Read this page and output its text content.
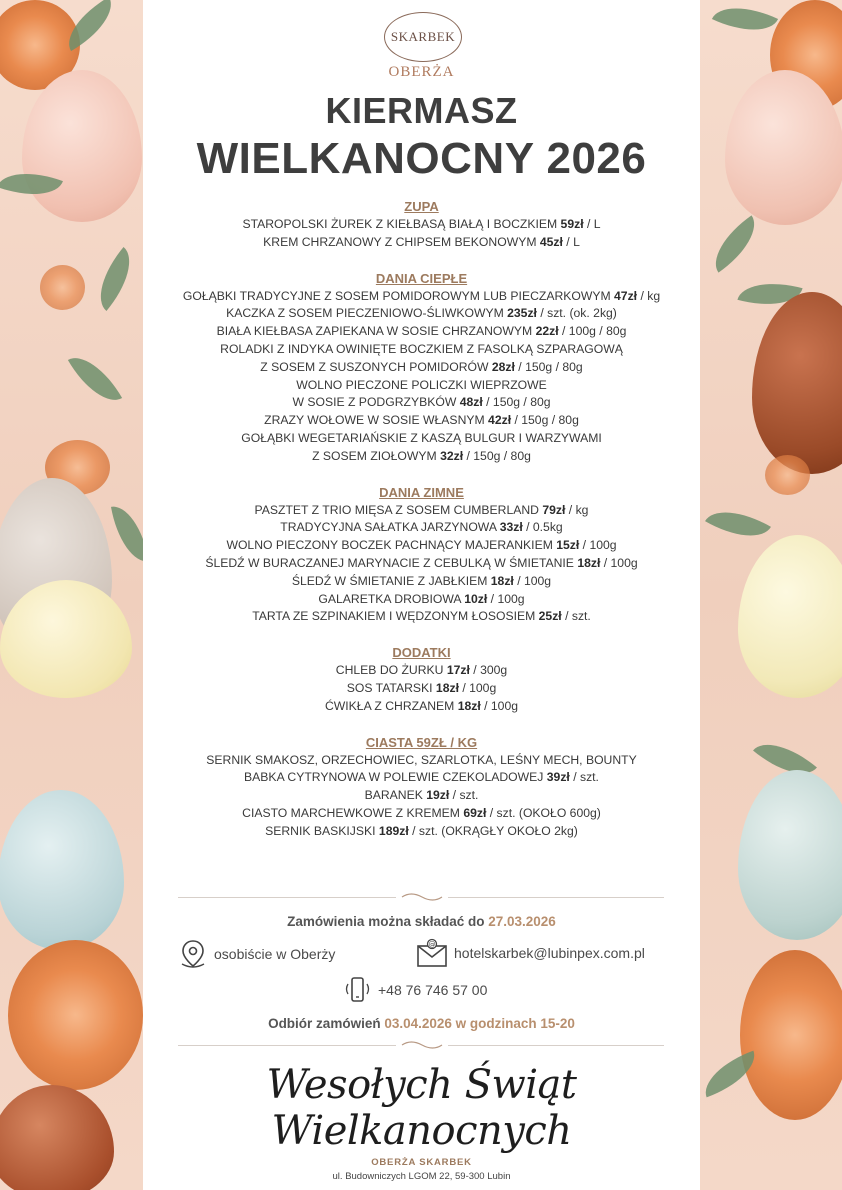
SKARBEK
OBERŻA
KIERMASZ
WIELKANOCNY 2026
ZUPA
STAROPOLSKI ŻUREK Z KIEŁBASĄ BIAŁĄ I BOCZKIEM 59zł / L
KREM CHRZANOWY Z CHIPSEM BEKONOWYM 45zł / L
DANIA CIEPŁE
GOŁĄBKI TRADYCYJNE Z SOSEM POMIDOROWYM LUB PIECZARKOWYM 47zł / kg
KACZKA Z SOSEM PIECZENIOWO-ŚLIWKOWYM 235zł / szt. (ok. 2kg)
BIAŁA KIEŁBASA ZAPIEKANA W SOSIE CHRZANOWYM 22zł / 100g / 80g
ROLADKI Z INDYKA OWINIĘTE BOCZKIEM Z FASOLKĄ SZPARAGOWĄ
Z SOSEM Z SUSZONYCH POMIDORÓW 28zł / 150g / 80g
WOLNO PIECZONE POLICZKI WIEPRZOWE
W SOSIE Z PODGRZYBKÓW 48zł / 150g / 80g
ZRAZY WOŁOWE W SOSIE WŁASNYM 42zł / 150g / 80g
GOŁĄBKI WEGETARIAŃSKIE Z KASZĄ BULGUR I WARZYWAMI
Z SOSEM ZIOŁOWYM 32zł / 150g / 80g
DANIA ZIMNE
PASZTET Z TRIO MIĘSA Z SOSEM CUMBERLAND 79zł / kg
TRADYCYJNA SAŁATKA JARZYNOWA 33zł / 0.5kg
WOLNO PIECZONY BOCZEK PACHNĄCY MAJERANKIEM 15zł / 100g
ŚLEDŹ W BURACZANEJ MARYNACIE Z CEBULKĄ W ŚMIETANIE 18zł / 100g
ŚLEDŹ W ŚMIETANIE Z JABŁKIEM 18zł / 100g
GALARETKA DROBIOWA 10zł / 100g
TARTA ZE SZPINAKIEM I WĘDZONYM ŁOSOSIEM 25zł / szt.
DODATKI
CHLEB DO ŻURKU 17zł / 300g
SOS TATARSKI 18zł / 100g
ĆWIKŁA Z CHRZANEM 18zł / 100g
CIASTA 59ZŁ / KG
SERNIK SMAKOSZ, ORZECHOWIEC, SZARLOTKA, LEŚNY MECH, BOUNTY
BABKA CYTRYNOWA W POLEWIE CZEKOLADOWEJ 39zł / szt.
BARANEK 19zł / szt.
CIASTO MARCHEWKOWE Z KREMEM 69zł / szt. (OKOŁO 600g)
SERNIK BASKIJSKI 189zł / szt. (OKRĄGŁY OKOŁO 2kg)
Zamówienia można składać do 27.03.2026
osobiście w Oberży
@
hotelskarbek@lubinpex.com.pl
+48 76 746 57 00
Odbiór zamówień 03.04.2026 w godzinach 15-20
Wesołych Świąt Wielkanocnych
OBERŻA SKARBEK
ul. Budowniczych LGOM 22, 59-300 Lubin
